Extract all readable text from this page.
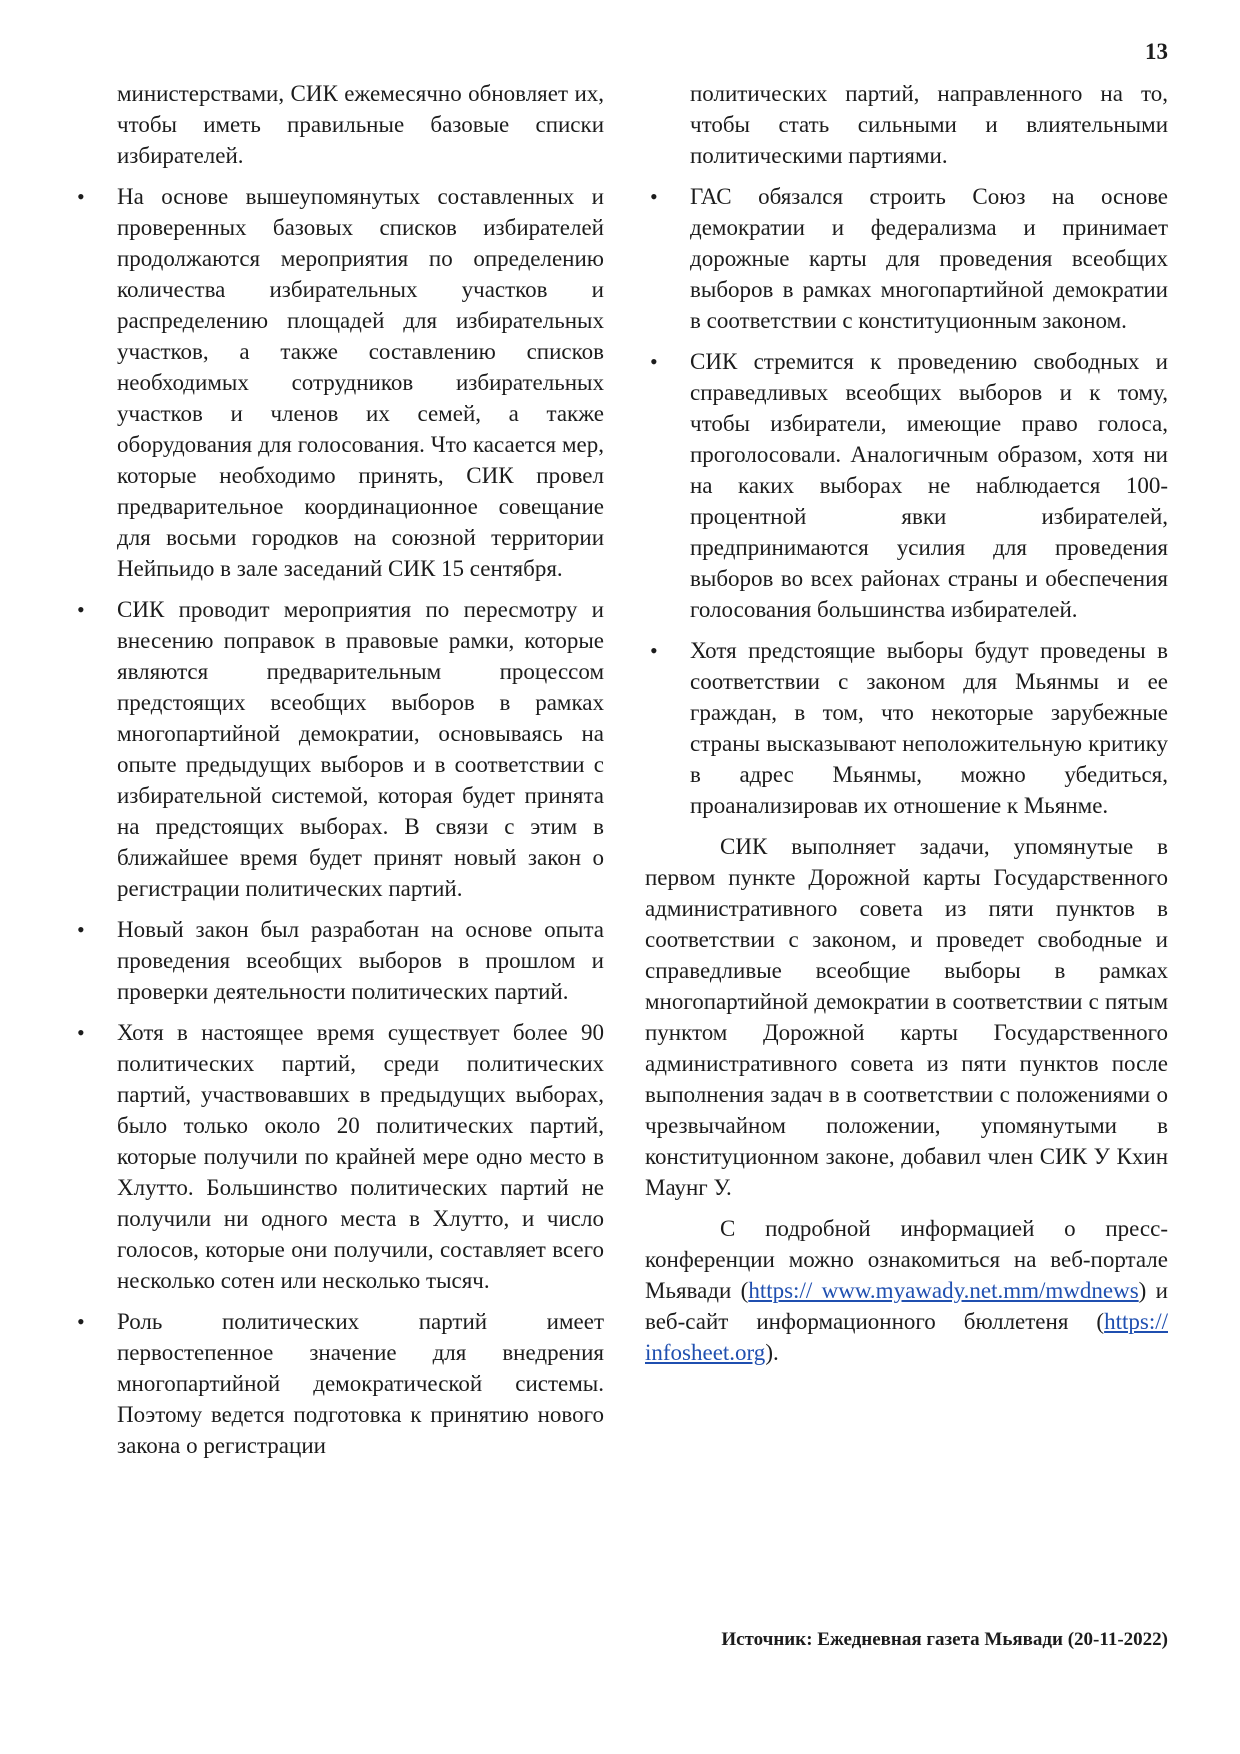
13

министерствами, СИК ежемесячно обновляет их, чтобы иметь правильные базовые списки избирателей.

• На основе вышеупомянутых составленных и проверенных базовых списков избирателей продолжаются мероприятия по определению количества избирательных участков и распределению площадей для избирательных участков, а также составлению списков необходимых сотрудников избирательных участков и членов их семей, а также оборудования для голосования. Что касается мер, которые необходимо принять, СИК провел предварительное координационное совещание для восьми городков на союзной территории Нейпьидо в зале заседаний СИК 15 сентября.
• СИК проводит мероприятия по пересмотру и внесению поправок в правовые рамки, которые являются предварительным процессом предстоящих всеобщих выборов в рамках многопартийной демократии, основываясь на опыте предыдущих выборов и в соответствии с избирательной системой, которая будет принята на предстоящих выборах. В связи с этим в ближайшее время будет принят новый закон о регистрации политических партий.
• Новый закон был разработан на основе опыта проведения всеобщих выборов в прошлом и проверки деятельности политических партий.
• Хотя в настоящее время существует более 90 политических партий, среди политических партий, участвовавших в предыдущих выборах, было только около 20 политических партий, которые получили по крайней мере одно место в Хлутто. Большинство политических партий не получили ни одного места в Хлутто, и число голосов, которые они получили, составляет всего несколько сотен или несколько тысяч.
• Роль политических партий имеет первостепенное значение для внедрения многопартийной демократической системы. Поэтому ведется подготовка к принятию нового закона о регистрации

политических партий, направленного на то, чтобы стать сильными и влиятельными политическими партиями.

• ГАС обязался строить Союз на основе демократии и федерализма и принимает дорожные карты для проведения всеобщих выборов в рамках многопартийной демократии в соответствии с конституционным законом.
• СИК стремится к проведению свободных и справедливых всеобщих выборов и к тому, чтобы избиратели, имеющие право голоса, проголосовали. Аналогичным образом, хотя ни на каких выборах не наблюдается 100-процентной явки избирателей, предпринимаются усилия для проведения выборов во всех районах страны и обеспечения голосования большинства избирателей.
• Хотя предстоящие выборы будут проведены в соответствии с законом для Мьянмы и ее граждан, в том, что некоторые зарубежные страны высказывают неположительную критику в адрес Мьянмы, можно убедиться, проанализировав их отношение к Мьянме.

СИК выполняет задачи, упомянутые в первом пункте Дорожной карты Государственного административного совета из пяти пунктов в соответствии с законом, и проведет свободные и справедливые всеобщие выборы в рамках многопартийной демократии в соответствии с пятым пунктом Дорожной карты Государственного административного совета из пяти пунктов после выполнения задач в в соответствии с положениями о чрезвычайном положении, упомянутыми в конституционном законе, добавил член СИК У Кхин Маунг У.

С подробной информацией о пресс-конференции можно ознакомиться на веб-портале Мьявади (https:// www.myawady.net.mm/mwdnews) и веб-сайт информационного бюллетеня (https:// infosheet.org).

Источник: Ежедневная газета Мьявади (20-11-2022)
